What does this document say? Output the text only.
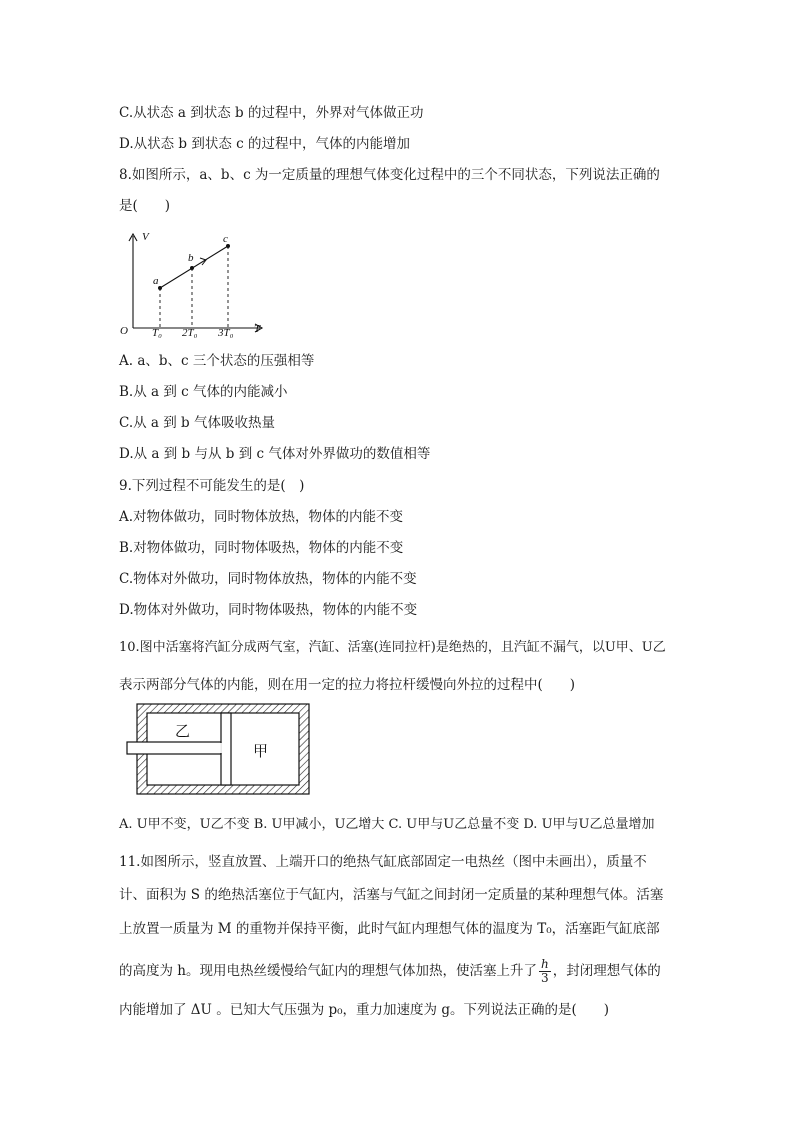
C.从状态 a 到状态 b 的过程中，外界对气体做正功
D.从状态 b 到状态 c 的过程中，气体的内能增加
8.如图所示，a、b、c 为一定质量的理想气体变化过程中的三个不同状态，下列说法正确的
是(　　)
V
T
O
a
b
c
T₀ 2T₀ 3T₀
A. a、b、c 三个状态的压强相等
B.从 a 到 c 气体的内能减小
C.从 a 到 b 气体吸收热量
D.从 a 到 b 与从 b 到 c 气体对外界做功的数值相等
9.下列过程不可能发生的是(　)
A.对物体做功，同时物体放热，物体的内能不变
B.对物体做功，同时物体吸热，物体的内能不变
C.物体对外做功，同时物体放热，物体的内能不变
D.物体对外做功，同时物体吸热，物体的内能不变
10.图中活塞将汽缸分成两气室，汽缸、活塞(连同拉杆)是绝热的，且汽缸不漏气，以U甲、U乙
表示两部分气体的内能，则在用一定的拉力将拉杆缓慢向外拉的过程中(　　)
乙
甲
A. U甲不变，U乙不变 B. U甲减小，U乙增大 C. U甲与U乙总量不变 D. U甲与U乙总量增加
11.如图所示，竖直放置、上端开口的绝热气缸底部固定一电热丝（图中未画出），质量不
计、面积为 S 的绝热活塞位于气缸内，活塞与气缸之间封闭一定质量的某种理想气体。活塞
上放置一质量为 M 的重物并保持平衡，此时气缸内理想气体的温度为 T₀，活塞距气缸底部
的高度为 h。现用电热丝缓慢给气缸内的理想气体加热，使活塞上升了 $\frac{h}{3}$ ，封闭理想气体的
内能增加了 ΔU 。已知大气压强为 p₀，重力加速度为 g。下列说法正确的是(　　)
